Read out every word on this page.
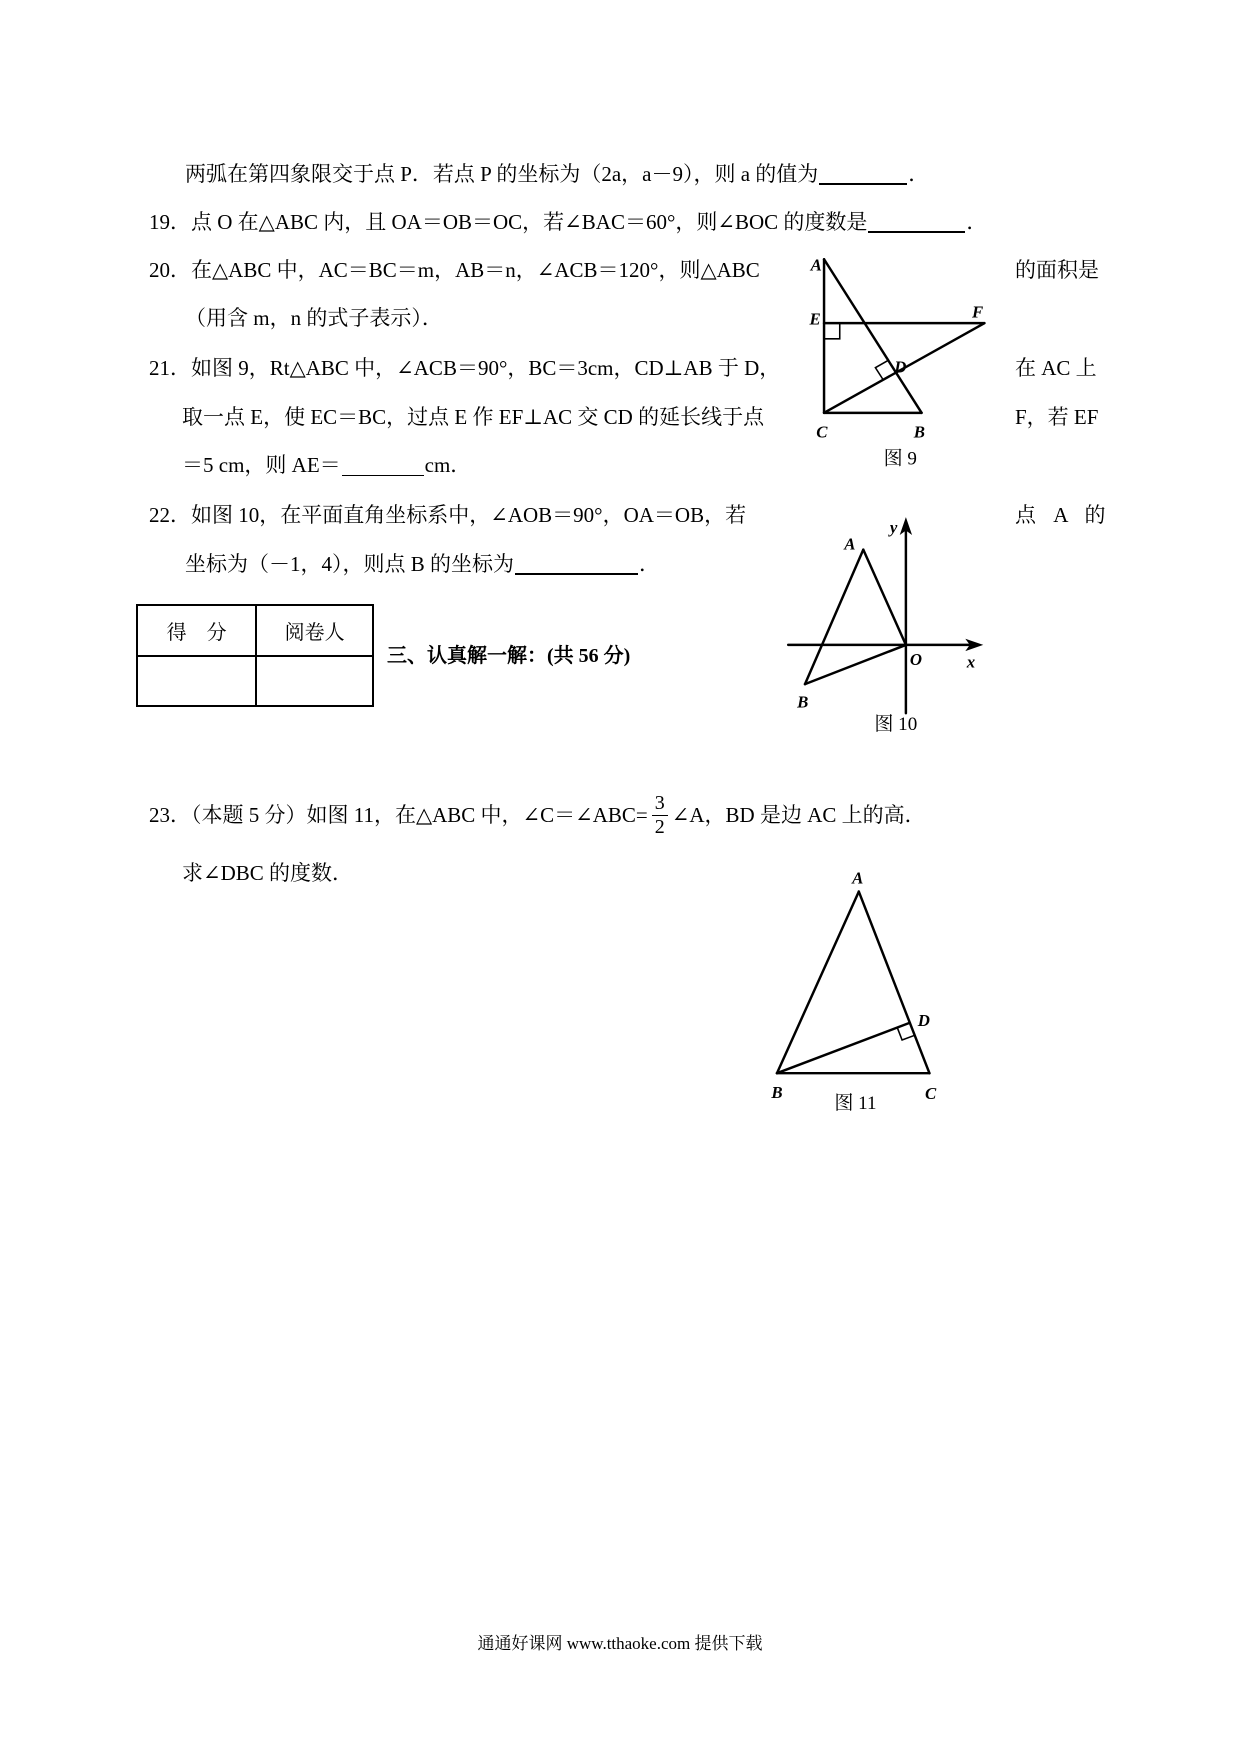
两弧在第四象限交于点 P．若点 P 的坐标为（2a，a－9），则 a 的值为	．
19．点 O 在△ABC 内，且 OA＝OB＝OC，若∠BAC＝60°，则∠BOC 的度数是	．
20．在△ABC 中，AC＝BC＝m，AB＝n，∠ACB＝120°，则△ABC	的面积是
（用含 m，n 的式子表示）．
21．如图 9，Rt△ABC 中，∠ACB＝90°，BC＝3cm，CD⊥AB 于 D，	在 AC 上
取一点 E，使 EC＝BC，过点 E 作 EF⊥AC 交 CD 的延长线于点	F，若 EF
＝5 cm，则 AE＝	cm．
22．如图 10，在平面直角坐标系中，∠AOB＝90°，OA＝OB，若	点 A 的
坐标为（－1，4），则点 B 的坐标为	．
得　分	阅卷人

三、认真解一解：(共 56 分)
23．（本题 5 分）如图 11，在△ABC 中，∠C＝∠ABC= $\frac{3}{2}$ ∠A，BD 是边 AC 上的高．
求∠DBC 的度数．
A
E	F
D
C	B
图 9
A
y
O	x
B
图 10
A
D
B	C
图 11
通通好课网 www.tthaoke.com 提供下载
